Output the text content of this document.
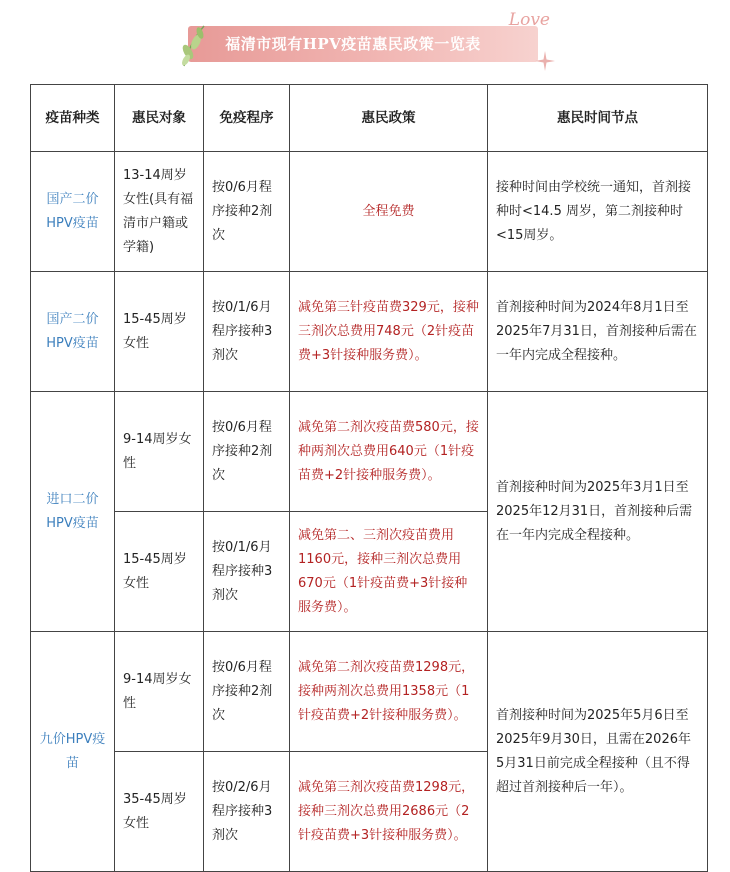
福清市现有HPV疫苗惠民政策一览表
Love
疫苗种类	惠民对象	免疫程序	惠民政策	惠民时间节点
国产二价HPV疫苗	13-14周岁女性(具有福清市户籍或学籍)	按0/6月程序接种2剂次	全程免费	接种时间由学校统一通知，首剂接种时<14.5 周岁，第二剂接种时<15周岁。
国产二价HPV疫苗	15-45周岁女性	按0/1/6月程序接种3剂次	减免第三针疫苗费329元，接种三剂次总费用748元（2针疫苗费+3针接种服务费）。	首剂接种时间为2024年8月1日至2025年7月31日，首剂接种后需在一年内完成全程接种。
进口二价HPV疫苗	9-14周岁女性	按0/6月程序接种2剂次	减免第二剂次疫苗费580元，接种两剂次总费用640元（1针疫苗费+2针接种服务费）。	首剂接种时间为2025年3月1日至2025年12月31日，首剂接种后需在一年内完成全程接种。
	15-45周岁女性	按0/1/6月程序接种3剂次	减免第二、三剂次疫苗费用1160元，接种三剂次总费用670元（1针疫苗费+3针接种服务费）。	
九价HPV疫苗	9-14周岁女性	按0/6月程序接种2剂次	减免第二剂次疫苗费1298元，接种两剂次总费用1358元（1针疫苗费+2针接种服务费）。	首剂接种时间为2025年5月6日至2025年9月30日，且需在2026年5月31日前完成全程接种（且不得超过首剂接种后一年）。
	35-45周岁女性	按0/2/6月程序接种3剂次	减免第三剂次疫苗费1298元，接种三剂次总费用2686元（2针疫苗费+3针接种服务费）。	
